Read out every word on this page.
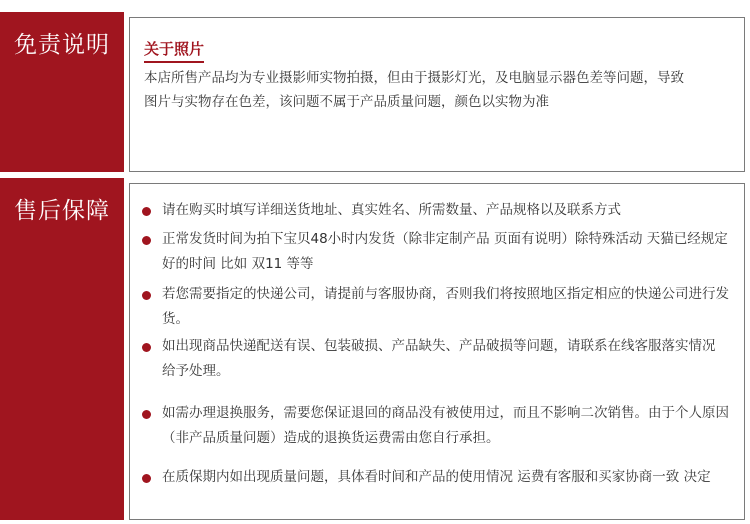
免责说明	关于照片
本店所售产品均为专业摄影师实物拍摄，但由于摄影灯光，及电脑显示器色差等问题，导致图片与实物存在色差，该问题不属于产品质量问题，颜色以实物为准
售后保障	请在购买时填写详细送货地址、真实姓名、所需数量、产品规格以及联系方式
正常发货时间为拍下宝贝48小时内发货（除非定制产品 页面有说明）除特殊活动 天猫已经规定好的时间 比如 双11 等等
若您需要指定的快递公司，请提前与客服协商，否则我们将按照地区指定相应的快递公司进行发货。
如出现商品快递配送有误、包装破损、产品缺失、产品破损等问题，请联系在线客服落实情况 给予处理。
如需办理退换服务，需要您保证退回的商品没有被使用过，而且不影响二次销售。由于个人原因（非产品质量问题）造成的退换货运费需由您自行承担。
在质保期内如出现质量问题，具体看时间和产品的使用情况 运费有客服和买家协商一致 决定
